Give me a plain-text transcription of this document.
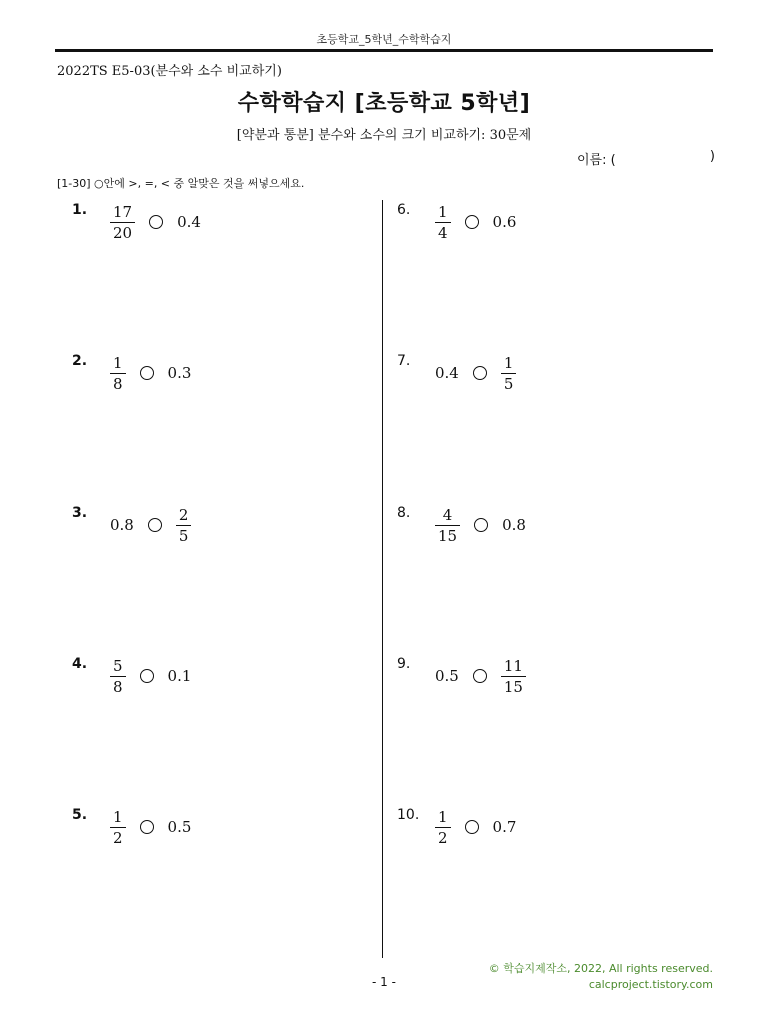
초등학교_5학년_수학학습지
2022TS E5-03(분수와 소수 비교하기)
수학학습지 [초등학교 5학년]
[약분과 통분] 분수와 소수의 크기 비교하기: 30문제
이름: (	)
[1-30] ○안에 >, =, < 중 알맞은 것을 써넣으세요.
1. $\frac{17}{20}$	0.4
2. $\frac{1}{8}$	0.3
3.
0.8	$\frac{2}{5}$
4. $\frac{5}{8}$	0.1
5. $\frac{1}{2}$	0.5
6. $\frac{1}{4}$	0.6
7.
0.4	$\frac{1}{5}$
8. $\frac{4}{15}$	0.8
9.
0.5	$\frac{11}{15}$
10. $\frac{1}{2}$	0.7
- 1 -
© 학습지제작소, 2022, All rights reserved.
calcproject.tistory.com
